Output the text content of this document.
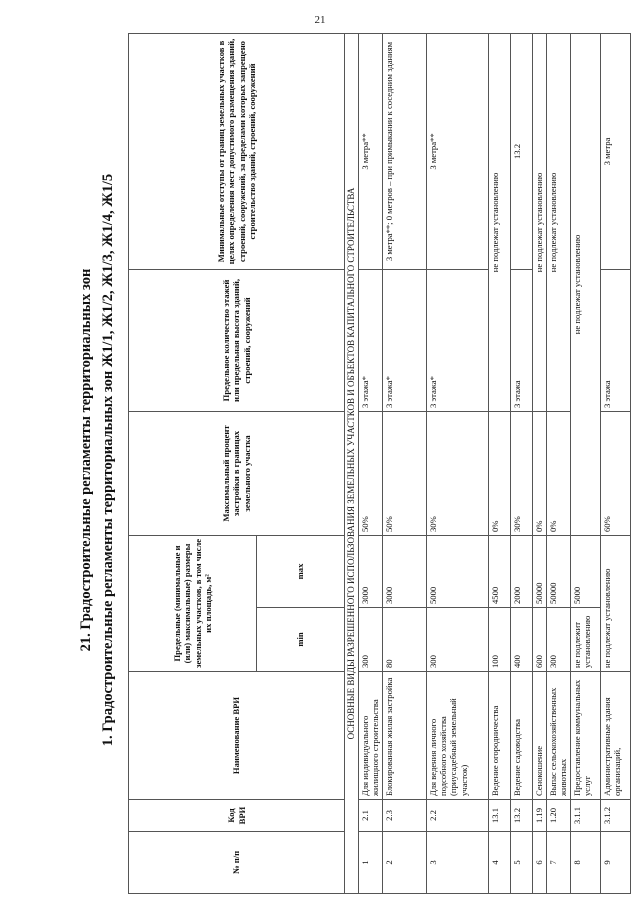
21
21. Градостроительные регламенты территориальных зон 1. Градостроительные регламенты территориальных зон Ж1/1, Ж1/2, Ж1/3, Ж1/4, Ж1/5
№ п/п	Код ВРИ	Наименование ВРИ	Предельные (минимальные и (или) максимальные) размеры земельных участков, в том числе их площадь, м²		Максимальный процент застройки в границах земельного участка	Предельное количество этажей или предельная высота зданий, строений, сооружений	Минимальные отступы от границ земельных участков в целях определения мест допустимого размещения зданий, строений, сооружений, за пределами которых запрещено строительство зданий, строений, сооружений
			min	max			
ОСНОВНЫЕ ВИДЫ РАЗРЕШЕННОГО ИСПОЛЬЗОВАНИЯ ЗЕМЕЛЬНЫХ УЧАСТКОВ И ОБЪЕКТОВ КАПИТАЛЬНОГО СТРОИТЕЛЬСТВА							
1	2.1	Для индивидуального жилищного строительства	300	3000	50%	3 этажа*	3 метра**
2	2.3	Блокированная жилая застройка	80	3000	50%	3 этажа*	3 метра**; 0 метров – при примыкании к соседним зданиям
3	2.2	Для ведения личного подсобного хозяйства (приусадебный земельный участок)	300	5000	30%	3 этажа*	3 метра**
4	13.1	Ведение огородничества	100	4500	0%	не подлежат установлению	
5	13.2	Ведение садоводства	400	2000	30%	3 этажа	13.2
6	1.19	Сенокошение	600	50000	0%	не подлежат установлению	
7	1.20	Выпас сельскохозяйственных животных	300	50000	0%	не подлежат установлению	
8	3.1.1	Предоставление коммунальных услуг	не подлежит установлению	5000	не подлежат установлению		
9	3.1.2	Административные здания организаций,	не подлежат установлению		60%	3 этажа	3 метра
